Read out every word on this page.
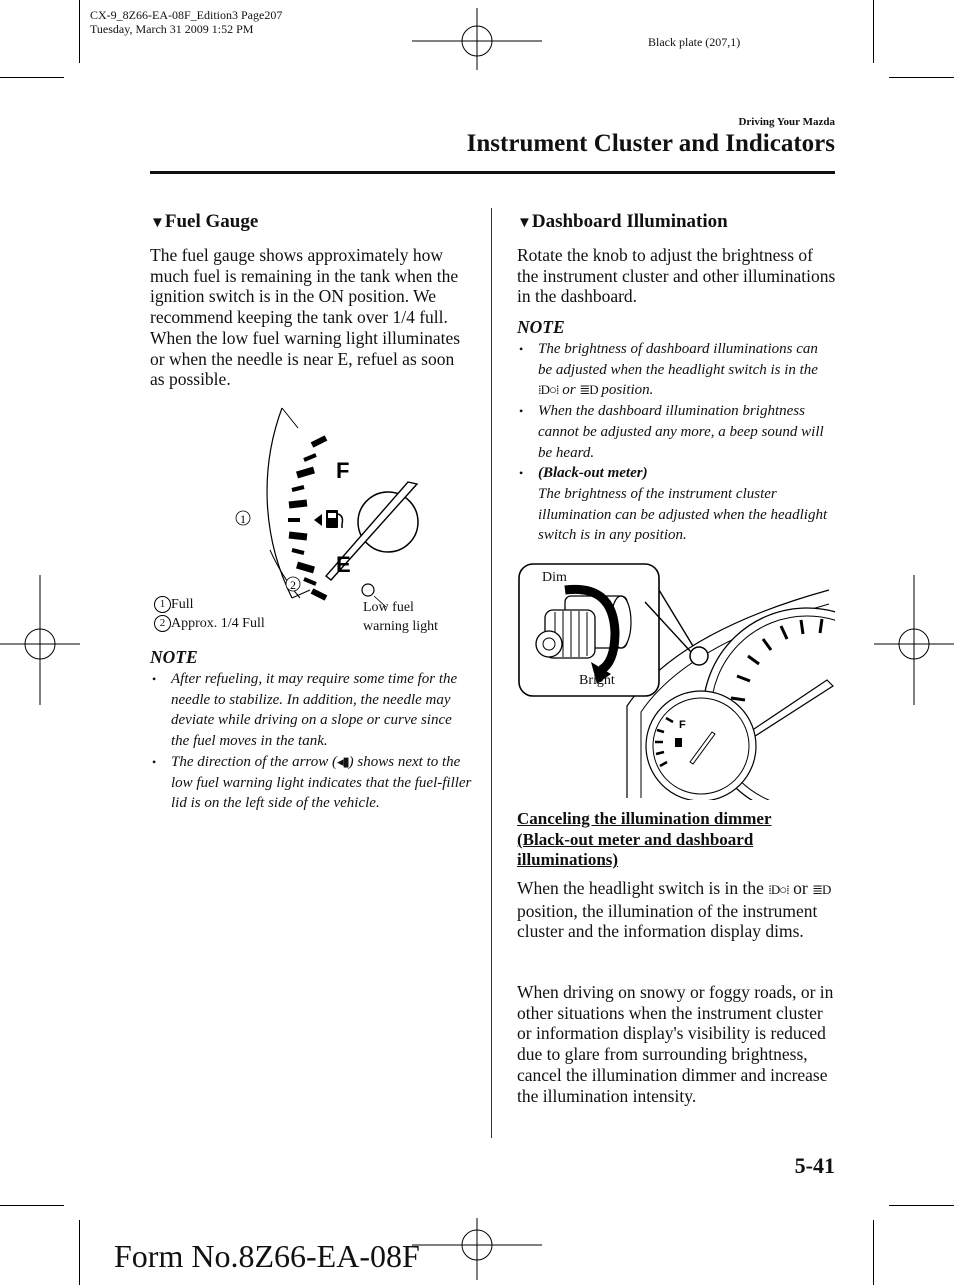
CX-9_8Z66-EA-08F_Edition3 Page207
Tuesday, March 31 2009 1:52 PM
Black plate (207,1)
Driving Your Mazda
Instrument Cluster and Indicators
▼Fuel Gauge
The fuel gauge shows approximately how much fuel is remaining in the tank when the ignition switch is in the ON position. We recommend keeping the tank over 1/4 full. When the low fuel warning light illuminates or when the needle is near E, refuel as soon as possible.
F
E
1
2
1 Full
2 Approx. 1/4 Full
Low fuel warning light
NOTE
• After refueling, it may require some time for the needle to stabilize. In addition, the needle may deviate while driving on a slope or curve since the fuel moves in the tank.
• The direction of the arrow (◂▮) shows next to the low fuel warning light indicates that the fuel-filler lid is on the left side of the vehicle.
▼Dashboard Illumination
Rotate the knob to adjust the brightness of the instrument cluster and other illuminations in the dashboard.
NOTE
• The brightness of dashboard illuminations can be adjusted when the headlight switch is in the ⁞D○⁞ or ≣D position.
• When the dashboard illumination brightness cannot be adjusted any more, a beep sound will be heard.
• (Black-out meter)
The brightness of the instrument cluster illumination can be adjusted when the headlight switch is in any position.
F
Dim
Bright
Canceling the illumination dimmer (Black-out meter and dashboard illuminations)
When the headlight switch is in the ⁞D○⁞ or ≣D position, the illumination of the instrument cluster and the information display dims.
When driving on snowy or foggy roads, or in other situations when the instrument cluster or information display's visibility is reduced due to glare from surrounding brightness, cancel the illumination dimmer and increase the illumination intensity.
5-41
Form No.8Z66-EA-08F
